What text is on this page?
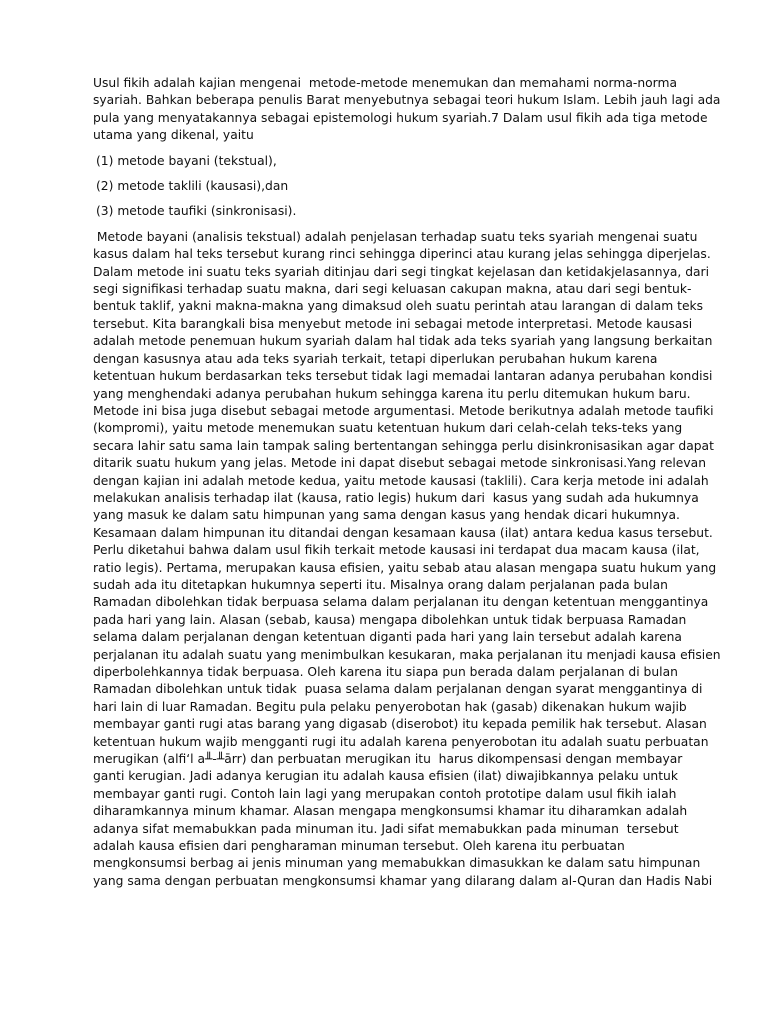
Usul fikih adalah kajian mengenai  metode-metode menemukan dan memahami norma-norma
syariah. Bahkan beberapa penulis Barat menyebutnya sebagai teori hukum Islam. Lebih jauh lagi ada
pula yang menyatakannya sebagai epistemologi hukum syariah.7 Dalam usul fikih ada tiga metode
utama yang dikenal, yaitu
(1) metode bayani (tekstual),
(2) metode taklili (kausasi),dan
(3) metode taufiki (sinkronisasi).
Metode bayani (analisis tekstual) adalah penjelasan terhadap suatu teks syariah mengenai suatu
kasus dalam hal teks tersebut kurang rinci sehingga diperinci atau kurang jelas sehingga diperjelas.
Dalam metode ini suatu teks syariah ditinjau dari segi tingkat kejelasan dan ketidakjelasannya, dari
segi signifikasi terhadap suatu makna, dari segi keluasan cakupan makna, atau dari segi bentuk-
bentuk taklif, yakni makna-makna yang dimaksud oleh suatu perintah atau larangan di dalam teks
tersebut. Kita barangkali bisa menyebut metode ini sebagai metode interpretasi. Metode kausasi
adalah metode penemuan hukum syariah dalam hal tidak ada teks syariah yang langsung berkaitan
dengan kasusnya atau ada teks syariah terkait, tetapi diperlukan perubahan hukum karena
ketentuan hukum berdasarkan teks tersebut tidak lagi memadai lantaran adanya perubahan kondisi
yang menghendaki adanya perubahan hukum sehingga karena itu perlu ditemukan hukum baru.
Metode ini bisa juga disebut sebagai metode argumentasi. Metode berikutnya adalah metode taufiki
(kompromi), yaitu metode menemukan suatu ketentuan hukum dari celah-celah teks-teks yang
secara lahir satu sama lain tampak saling bertentangan sehingga perlu disinkronisasikan agar dapat
ditarik suatu hukum yang jelas. Metode ini dapat disebut sebagai metode sinkronisasi.Yang relevan
dengan kajian ini adalah metode kedua, yaitu metode kausasi (taklili). Cara kerja metode ini adalah
melakukan analisis terhadap ilat (kausa, ratio legis) hukum dari  kasus yang sudah ada hukumnya
yang masuk ke dalam satu himpunan yang sama dengan kasus yang hendak dicari hukumnya.
Kesamaan dalam himpunan itu ditandai dengan kesamaan kausa (ilat) antara kedua kasus tersebut.
Perlu diketahui bahwa dalam usul fikih terkait metode kausasi ini terdapat dua macam kausa (ilat,
ratio legis). Pertama, merupakan kausa efisien, yaitu sebab atau alasan mengapa suatu hukum yang
sudah ada itu ditetapkan hukumnya seperti itu. Misalnya orang dalam perjalanan pada bulan
Ramadan dibolehkan tidak berpuasa selama dalam perjalanan itu dengan ketentuan menggantinya
pada hari yang lain. Alasan (sebab, kausa) mengapa dibolehkan untuk tidak berpuasa Ramadan
selama dalam perjalanan dengan ketentuan diganti pada hari yang lain tersebut adalah karena
perjalanan itu adalah suatu yang menimbulkan kesukaran, maka perjalanan itu menjadi kausa efisien
diperbolehkannya tidak berpuasa. Oleh karena itu siapa pun berada dalam perjalanan di bulan
Ramadan dibolehkan untuk tidak  puasa selama dalam perjalanan dengan syarat menggantinya di
hari lain di luar Ramadan. Begitu pula pelaku penyerobotan hak (gasab) dikenakan hukum wajib
membayar ganti rugi atas barang yang digasab (diserobot) itu kepada pemilik hak tersebut. Alasan
ketentuan hukum wajib mengganti rugi itu adalah karena penyerobotan itu adalah suatu perbuatan
merugikan (alfi‘l a╨-╨ārr) dan perbuatan merugikan itu  harus dikompensasi dengan membayar
ganti kerugian. Jadi adanya kerugian itu adalah kausa efisien (ilat) diwajibkannya pelaku untuk
membayar ganti rugi. Contoh lain lagi yang merupakan contoh prototipe dalam usul fikih ialah
diharamkannya minum khamar. Alasan mengapa mengkonsumsi khamar itu diharamkan adalah
adanya sifat memabukkan pada minuman itu. Jadi sifat memabukkan pada minuman  tersebut
adalah kausa efisien dari pengharaman minuman tersebut. Oleh karena itu perbuatan
mengkonsumsi berbag ai jenis minuman yang memabukkan dimasukkan ke dalam satu himpunan
yang sama dengan perbuatan mengkonsumsi khamar yang dilarang dalam al-Quran dan Hadis Nabi
